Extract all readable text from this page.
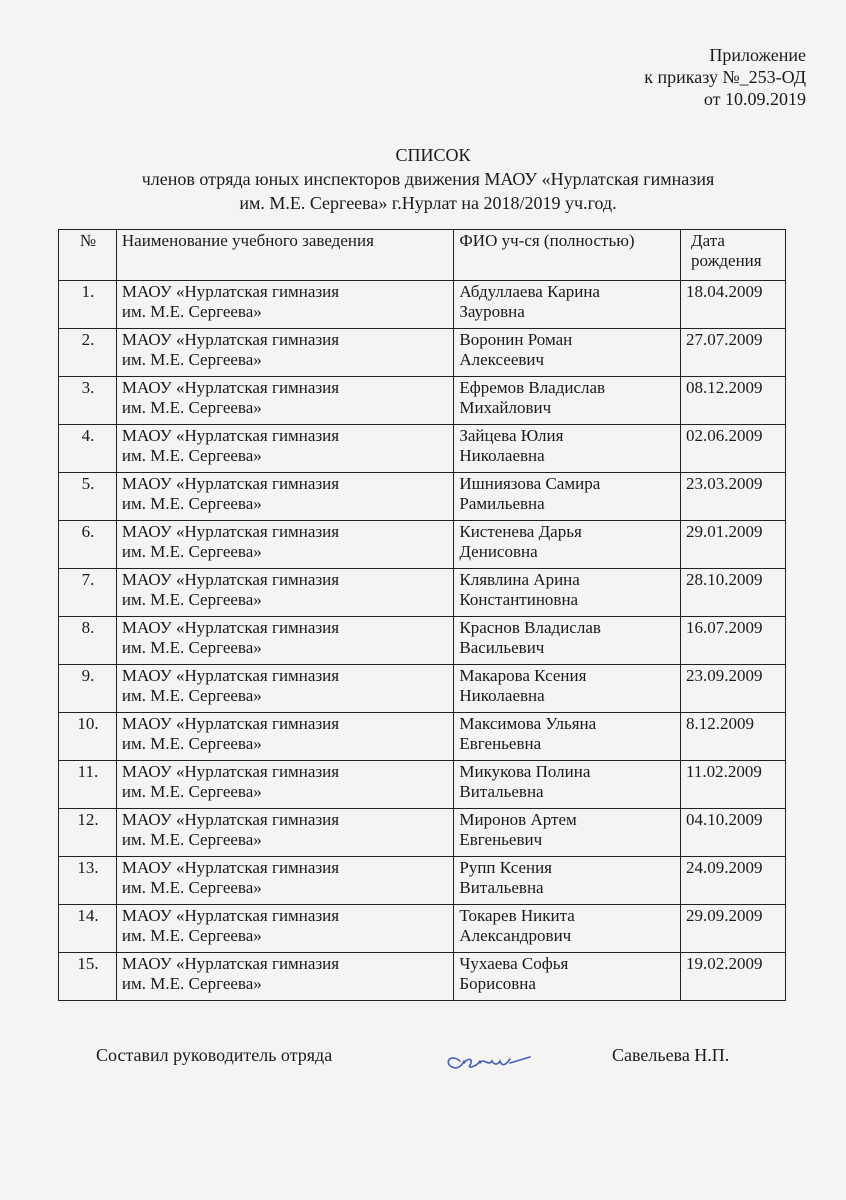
Приложение
к приказу №_253-ОД
от 10.09.2019
СПИСОК
членов отряда юных инспекторов движения МАОУ «Нурлатская гимназия
им. М.Е. Сергеева» г.Нурлат на 2018/2019 уч.год.
№	Наименование учебного заведения	ФИО уч-ся (полностью)	Дата
рождения

1.	МАОУ «Нурлатская гимназия
им. М.Е. Сергеева»	Абдуллаева Карина
Зауровна	18.04.2009
2.	МАОУ «Нурлатская гимназия
им. М.Е. Сергеева»	Воронин Роман
Алексеевич	27.07.2009
3.	МАОУ «Нурлатская гимназия
им. М.Е. Сергеева»	Ефремов Владислав
Михайлович	08.12.2009
4.	МАОУ «Нурлатская гимназия
им. М.Е. Сергеева»	Зайцева Юлия
Николаевна	02.06.2009
5.	МАОУ «Нурлатская гимназия
им. М.Е. Сергеева»	Ишниязова Самира
Рамильевна	23.03.2009
6.	МАОУ «Нурлатская гимназия
им. М.Е. Сергеева»	Кистенева Дарья
Денисовна	29.01.2009
7.	МАОУ «Нурлатская гимназия
им. М.Е. Сергеева»	Клявлина Арина
Константиновна	28.10.2009
8.	МАОУ «Нурлатская гимназия
им. М.Е. Сергеева»	Краснов Владислав
Васильевич	16.07.2009
9.	МАОУ «Нурлатская гимназия
им. М.Е. Сергеева»	Макарова Ксения
Николаевна	23.09.2009
10.	МАОУ «Нурлатская гимназия
им. М.Е. Сергеева»	Максимова Ульяна
Евгеньевна	8.12.2009
11.	МАОУ «Нурлатская гимназия
им. М.Е. Сергеева»	Микукова Полина
Витальевна	11.02.2009
12.	МАОУ «Нурлатская гимназия
им. М.Е. Сергеева»	Миронов Артем
Евгеньевич	04.10.2009
13.	МАОУ «Нурлатская гимназия
им. М.Е. Сергеева»	Рупп Ксения
Витальевна	24.09.2009
14.	МАОУ «Нурлатская гимназия
им. М.Е. Сергеева»	Токарев Никита
Александрович	29.09.2009
15.	МАОУ «Нурлатская гимназия
им. М.Е. Сергеева»	Чухаева Софья
Борисовна	19.02.2009
Составил руководитель отряда	Савельева Н.П.
